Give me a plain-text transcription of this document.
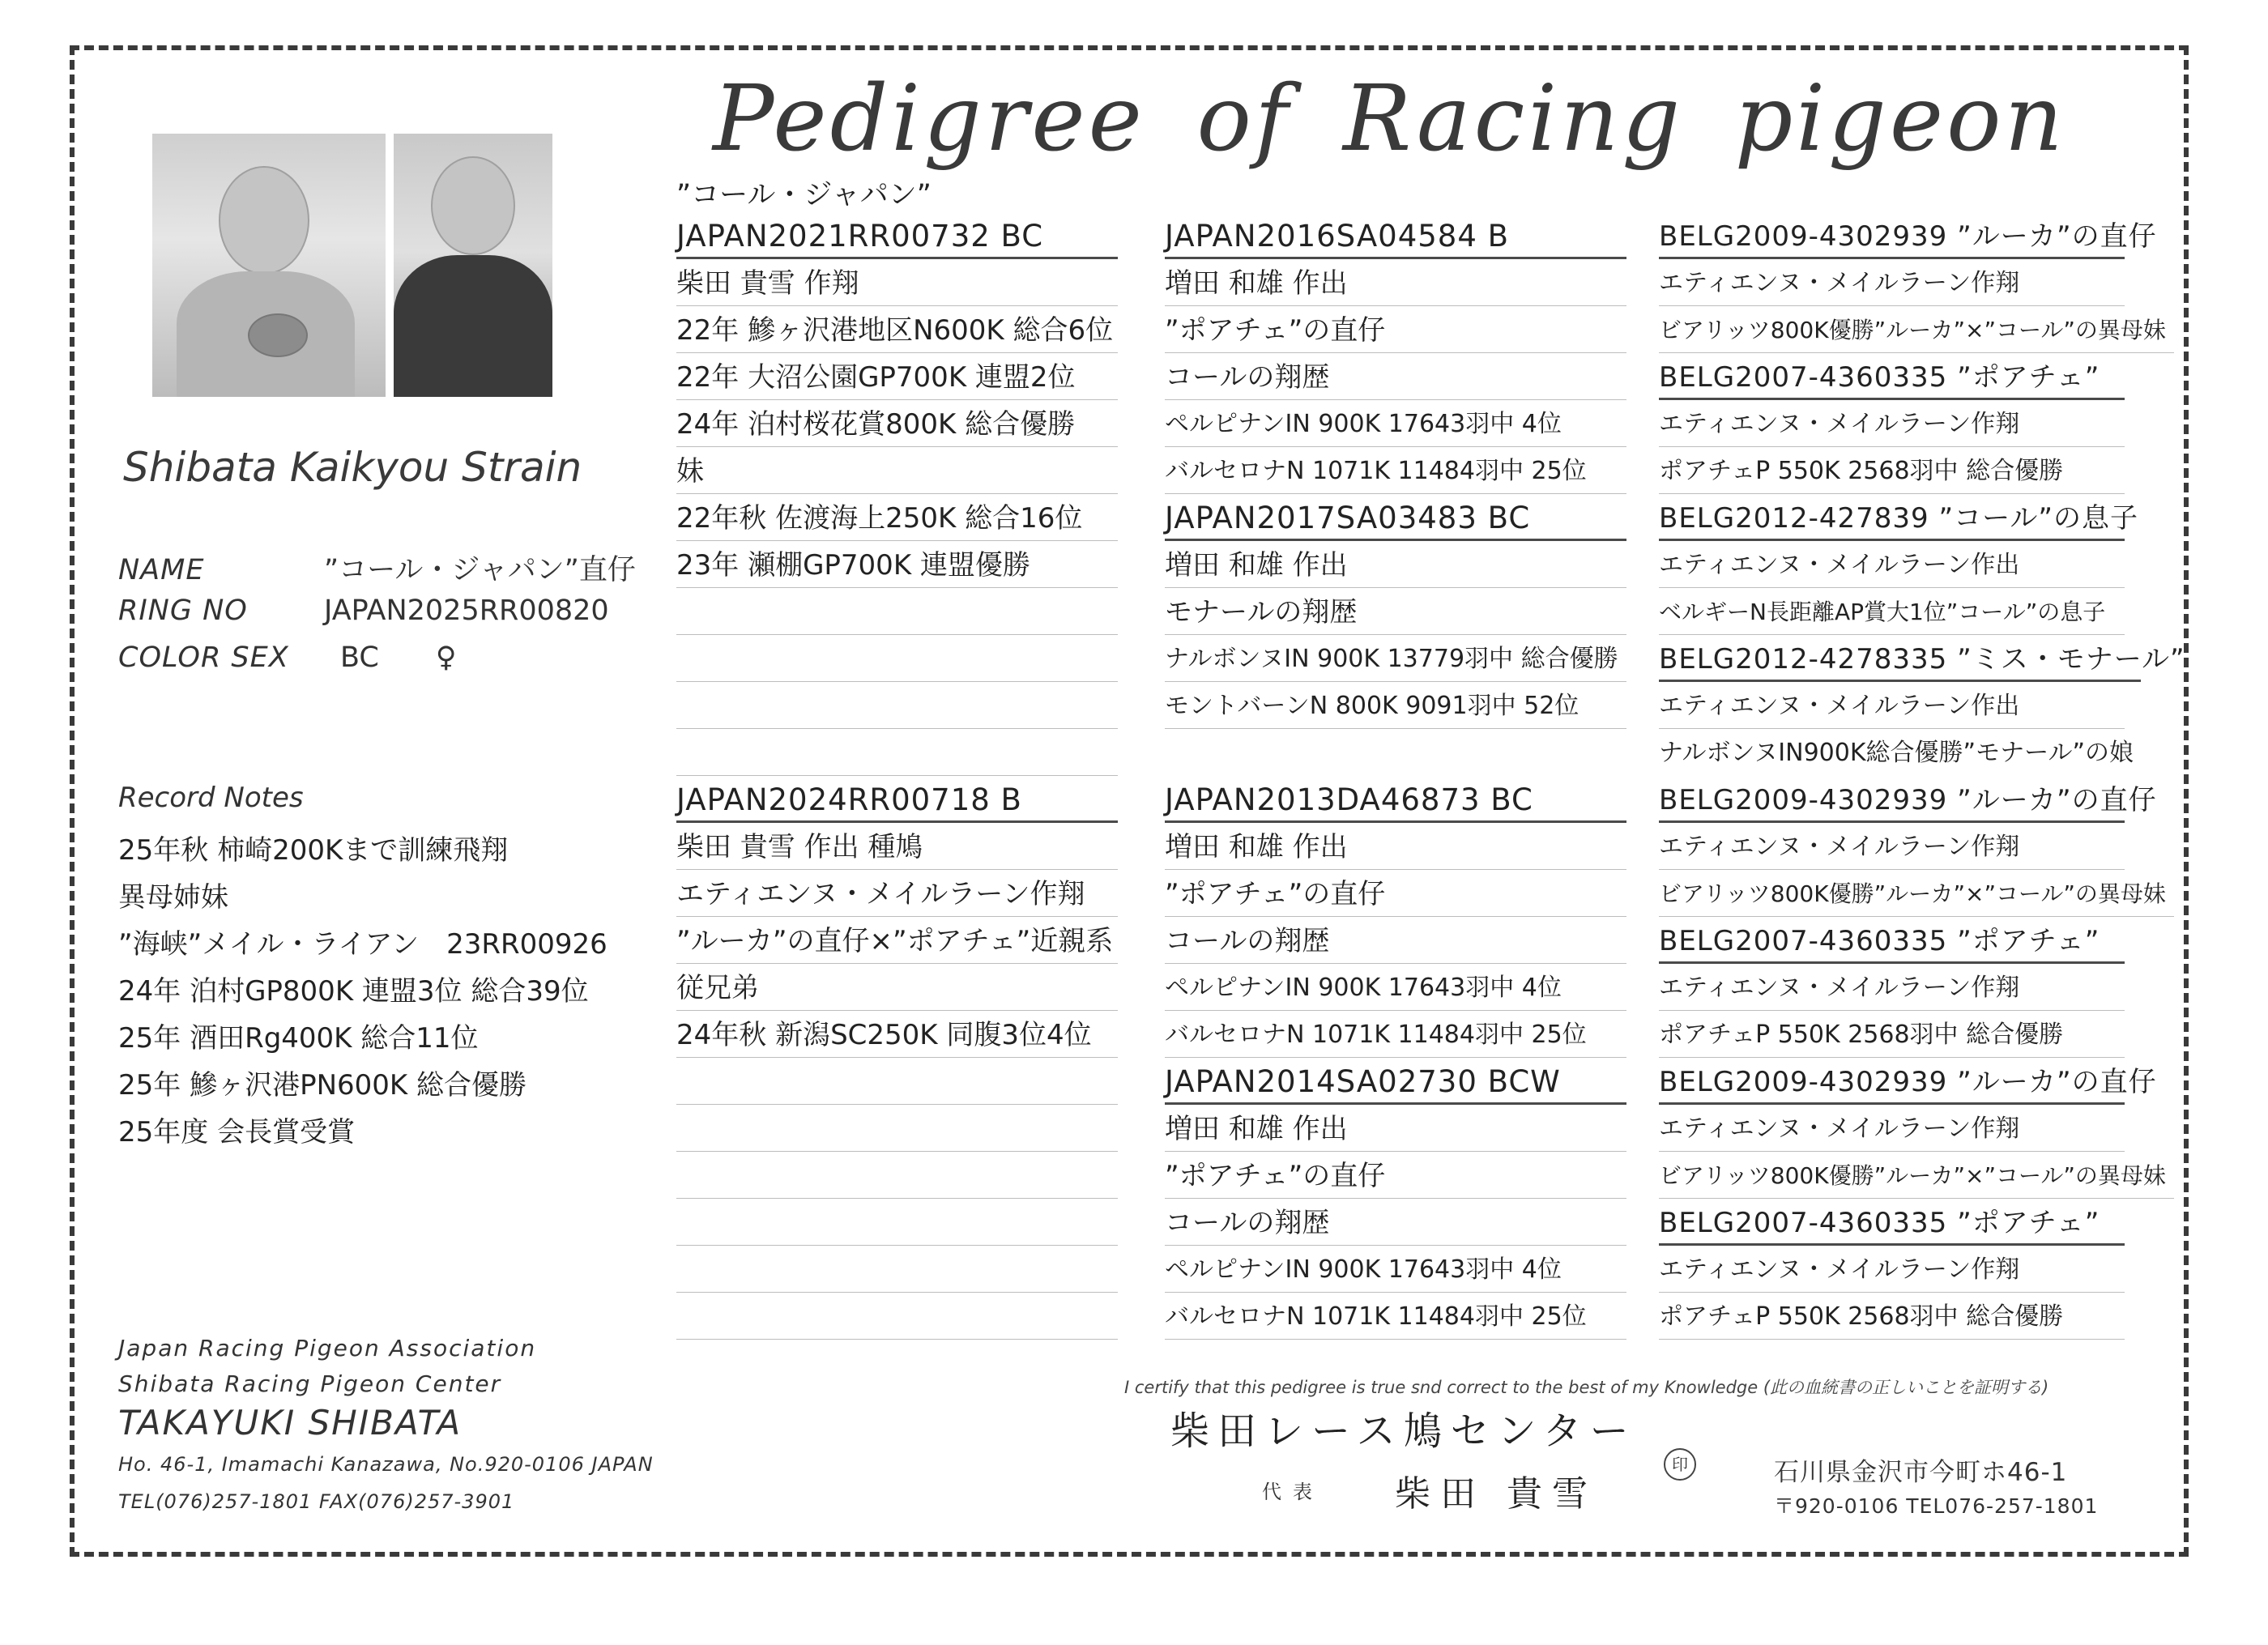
Pedigree of Racing pigeon
Shibata Kaikyou Strain
NAME	”コール・ジャパン”直仔
RING NO	JAPAN2025RR00820
COLOR SEX BC ♀
Record Notes
25年秋 柿崎200Kまで訓練飛翔
異母姉妹
”海峡”メイル・ライアン　23RR00926
24年 泊村GP800K 連盟3位 総合39位
25年 酒田Rg400K 総合11位
25年 鰺ヶ沢港PN600K 総合優勝
25年度 会長賞受賞
”コール・ジャパン”
JAPAN2021RR00732 BC
柴田 貴雪 作翔
22年 鰺ヶ沢港地区N600K 総合6位
22年 大沼公園GP700K 連盟2位
24年 泊村桜花賞800K 総合優勝
妹
22年秋 佐渡海上250K 総合16位
23年 瀬棚GP700K 連盟優勝
JAPAN2024RR00718 B
柴田 貴雪 作出 種鳩
エティエンヌ・メイルラーン作翔
”ルーカ”の直仔×”ポアチェ”近親系
従兄弟
24年秋 新潟SC250K 同腹3位4位
JAPAN2016SA04584 B
増田 和雄 作出
”ポアチェ”の直仔
コールの翔歴
ペルピナンIN 900K 17643羽中 4位
バルセロナN 1071K 11484羽中 25位
JAPAN2017SA03483 BC
増田 和雄 作出
モナールの翔歴
ナルボンヌIN 900K 13779羽中 総合優勝
モントバーンN 800K 9091羽中 52位
JAPAN2013DA46873 BC
増田 和雄 作出
”ポアチェ”の直仔
コールの翔歴
ペルピナンIN 900K 17643羽中 4位
バルセロナN 1071K 11484羽中 25位
JAPAN2014SA02730 BCW
増田 和雄 作出
”ポアチェ”の直仔
コールの翔歴
ペルピナンIN 900K 17643羽中 4位
バルセロナN 1071K 11484羽中 25位
BELG2009-4302939 ”ルーカ”の直仔
エティエンヌ・メイルラーン作翔
ビアリッツ800K優勝”ルーカ”×”コール”の異母妹
BELG2007-4360335 ”ポアチェ”
エティエンヌ・メイルラーン作翔
ポアチェP 550K 2568羽中 総合優勝
BELG2012-427839 ”コール”の息子
エティエンヌ・メイルラーン作出
ベルギーN長距離AP賞大1位”コール”の息子
BELG2012-4278335 ”ミス・モナール”
エティエンヌ・メイルラーン作出
ナルボンヌIN900K総合優勝”モナール”の娘
BELG2009-4302939 ”ルーカ”の直仔
エティエンヌ・メイルラーン作翔
ビアリッツ800K優勝”ルーカ”×”コール”の異母妹
BELG2007-4360335 ”ポアチェ”
エティエンヌ・メイルラーン作翔
ポアチェP 550K 2568羽中 総合優勝
BELG2009-4302939 ”ルーカ”の直仔
エティエンヌ・メイルラーン作翔
ビアリッツ800K優勝”ルーカ”×”コール”の異母妹
BELG2007-4360335 ”ポアチェ”
エティエンヌ・メイルラーン作翔
ポアチェP 550K 2568羽中 総合優勝
Japan Racing Pigeon Association
Shibata Racing Pigeon Center
TAKAYUKI SHIBATA
Ho. 46-1, Imamachi Kanazawa, No.920-0106 JAPAN
TEL(076)257-1801 FAX(076)257-3901
I certify that this pedigree is true snd correct to the best of my Knowledge (此の血統書の正しいことを証明する)
柴田レース鳩センター
代表 柴田 貴雪
印	石川県金沢市今町ホ46-1
〒920-0106 TEL076-257-1801
